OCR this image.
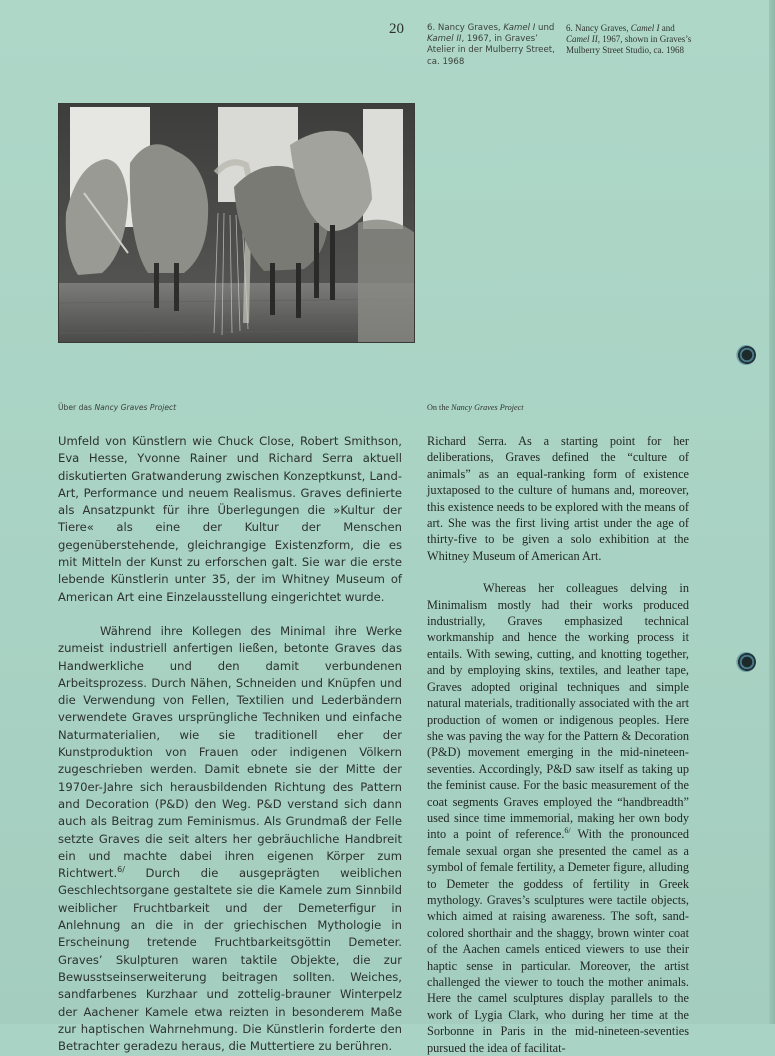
20	6. Nancy Graves, Kamel I und Kamel II, 1967, in Graves’ Atelier in der Mulberry Street, ca. 1968
6. Nancy Graves, Camel I and Camel II, 1967, shown in Graves’s Mulberry Street Studio, ca. 1968
Über das Nancy Graves Project	On the Nancy Graves Project

Umfeld von Künstlern wie Chuck Close, Robert Smithson, Eva Hesse, Yvonne Rainer und Richard Serra aktuell diskutierten Gratwanderung zwischen Konzeptkunst, Land-Art, Performance und neuem Realismus. Graves definierte als Ansatzpunkt für ihre Überlegungen die »Kultur der Tiere« als eine der Kultur der Menschen gegenüberstehende, gleichrangige Existenzform, die es mit Mitteln der Kunst zu erforschen galt. Sie war die erste lebende Künstlerin unter 35, der im Whitney Museum of American Art eine Einzelausstellung eingerichtet wurde.

Während ihre Kollegen des Minimal ihre Werke zumeist industriell anfertigen ließen, betonte Graves das Handwerkliche und den damit verbundenen Arbeitsprozess. Durch Nähen, Schneiden und Knüpfen und die Verwendung von Fellen, Textilien und Lederbändern verwendete Graves ursprüngliche Techniken und einfache Naturmaterialien, wie sie traditionell eher der Kunstproduktion von Frauen oder indigenen Völkern zugeschrieben werden. Damit ebnete sie der Mitte der 1970er-Jahre sich herausbildenden Richtung des Pattern and Decoration (P&D) den Weg. P&D verstand sich dann auch als Beitrag zum Feminismus. Als Grundmaß der Felle setzte Graves die seit alters her gebräuchliche Handbreit ein und machte dabei ihren eigenen Körper zum Richtwert.$^{6/}$ Durch die ausgeprägten weiblichen Geschlechtsorgane gestaltete sie die Kamele zum Sinnbild weiblicher Fruchtbarkeit und der Demeterfigur in Anlehnung an die in der griechischen Mythologie in Erscheinung tretende Fruchtbarkeitsgöttin Demeter. Graves’ Skulpturen waren taktile Objekte, die zur Bewusstseinserweiterung beitragen sollten. Weiches, sandfarbenes Kurzhaar und zottelig-brauner Winterpelz der Aachener Kamele etwa reizten in besonderem Maße zur haptischen Wahrnehmung. Die Künstlerin forderte den Betrachter geradezu heraus, die Muttertiere zu berühren.

Richard Serra. As a starting point for her deliberations, Graves defined the “culture of animals” as an equal-ranking form of existence juxtaposed to the culture of humans and, moreover, this existence needs to be explored with the means of art. She was the first living artist under the age of thirty-five to be given a solo exhibition at the Whitney Museum of American Art.

Whereas her colleagues delving in Minimalism mostly had their works produced industrially, Graves emphasized technical workmanship and hence the working process it entails. With sewing, cutting, and knotting together, and by employing skins, textiles, and leather tape, Graves adopted original techniques and simple natural materials, traditionally associated with the art production of women or indigenous peoples. Here she was paving the way for the Pattern & Decoration (P&D) movement emerging in the mid-nineteen-seventies. Accordingly, P&D saw itself as taking up the feminist cause. For the basic measurement of the coat segments Graves employed the “handbreadth” used since time immemorial, making her own body into a point of reference.$^{6/}$ With the pronounced female sexual organ she presented the camel as a symbol of female fertility, a Demeter figure, alluding to Demeter the goddess of fertility in Greek mythology. Graves’s sculptures were tactile objects, which aimed at raising awareness. The soft, sand-colored shorthair and the shaggy, brown winter coat of the Aachen camels enticed viewers to use their haptic sense in particular. Moreover, the artist challenged the viewer to touch the mother animals. Here the camel sculptures display parallels to the work of Lygia Clark, who during her time at the Sorbonne in Paris in the mid-nineteen-seventies pursued the idea of facilitat-
